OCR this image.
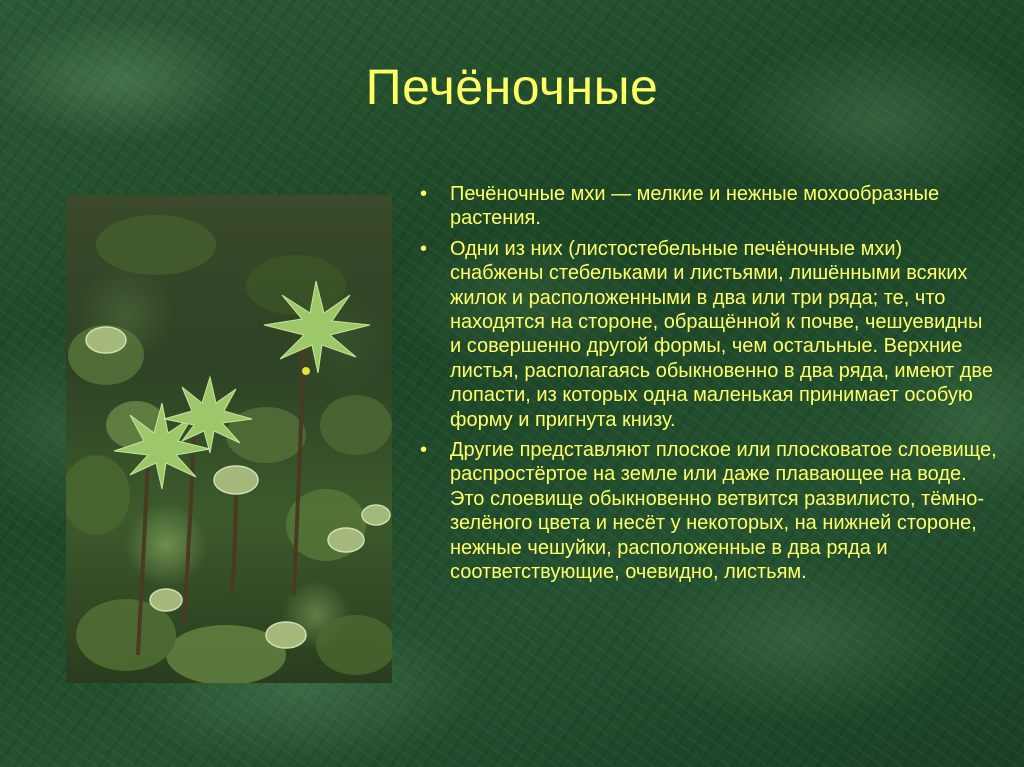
Печёночные
• Печёночные мхи — мелкие и нежные мохообразные растения.
• Одни из них (листостебельные печёночные мхи) снабжены стебельками и листьями, лишёнными всяких жилок и расположенными в два или три ряда; те, что находятся на стороне, обращённой к почве, чешуевидны и совершенно другой формы, чем остальные. Верхние листья, располагаясь обыкновенно в два ряда, имеют две лопасти, из которых одна маленькая принимает особую форму и пригнута книзу.
• Другие представляют плоское или плосковатое слоевище, распростёртое на земле или даже плавающее на воде. Это слоевище обыкновенно ветвится развилисто, тёмно-зелёного цвета и несёт у некоторых, на нижней стороне, нежные чешуйки, расположенные в два ряда и соответствующие, очевидно, листьям.
